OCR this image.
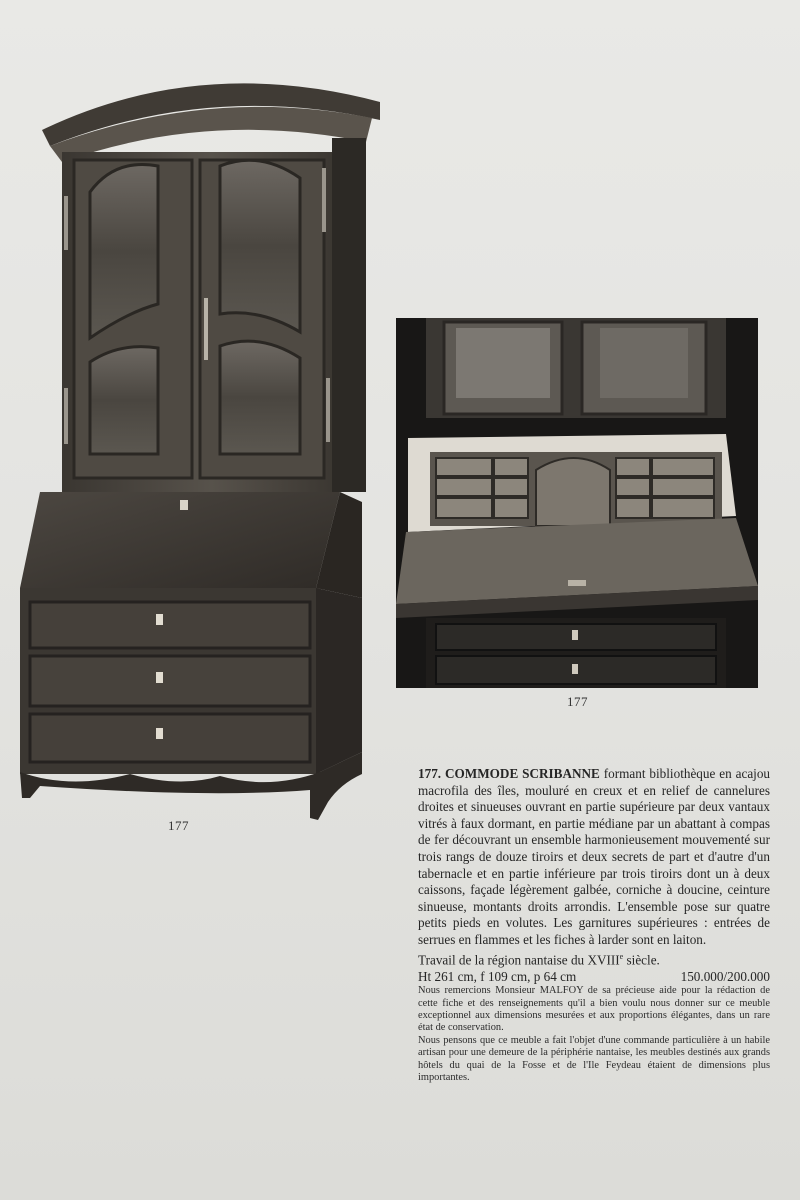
177
177

177. COMMODE SCRIBANNE formant bibliothèque en acajou macrofila des îles, mouluré en creux et en relief de cannelures droites et sinueuses ouvrant en partie supérieure par deux vantaux vitrés à faux dormant, en partie médiane par un abattant à compas de fer découvrant un ensemble harmonieusement mouvementé sur trois rangs de douze tiroirs et deux secrets de part et d'autre d'un tabernacle et en partie inférieure par trois tiroirs dont un à deux caissons, façade légèrement galbée, corniche à doucine, ceinture sinueuse, montants droits arrondis. L'ensemble pose sur quatre petits pieds en volutes. Les garnitures supérieures : entrées de serrues en flammes et les fiches à larder sont en laiton.

Travail de la région nantaise du XVIIIe siècle.

Ht 261 cm, f 109 cm, p 64 cm	150.000/200.000

Nous remercions Monsieur MALFOY de sa précieuse aide pour la rédaction de cette fiche et des renseignements qu'il a bien voulu nous donner sur ce meuble exceptionnel aux dimensions mesurées et aux proportions élégantes, dans un rare état de conservation.

Nous pensons que ce meuble a fait l'objet d'une commande particulière à un habile artisan pour une demeure de la périphérie nantaise, les meubles destinés aux grands hôtels du quai de la Fosse et de l'Ile Feydeau étaient de dimensions plus importantes.
